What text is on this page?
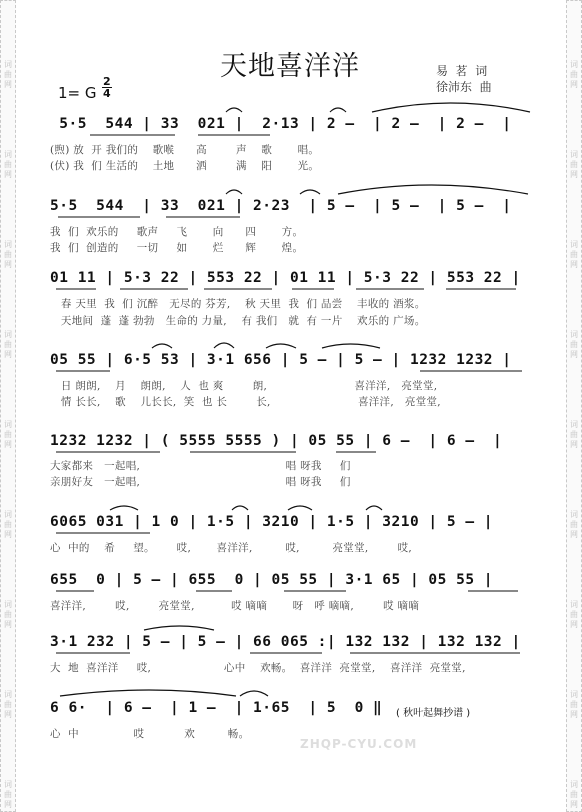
词
曲
网
词
曲
网
词
曲
网
词
曲
网
词
曲
网
词
曲
网
词
曲
网
词
曲
网
词
曲
网
词
曲
网
词
曲
网
词
曲
网
词
曲
网
词
曲
网
词
曲
网
词
曲
网
词
曲
网
词
曲
网
天地喜洋洋	易  茗  词
徐沛东  曲
1= G
2
4
5·5  544 | 33  021 |  2·13 | 2 –  | 2 –  | 2 –  |
(煦) 放  开 我们的    歌喉      高        声    歌       唱。
(伏) 我  们 生活的    土地      洒        满    阳       光。
5·5  544  | 33  021 | 2·23  | 5 –  | 5 –  | 5 –  |
我  们  欢乐的     歌声     飞       向      四       方。
我  们  创造的     一切     如       烂      辉       煌。
01 11 | 5·3 22 | 553 22 | 01 11 | 5·3 22 | 553 22 |
春 天里  我  们 沉醉   无尽的 芬芳,    秋 天里  我  们 品尝    丰收的 酒浆。
天地间  蓬  蓬 勃勃   生命的 力量,    有 我们   就  有 一片    欢乐的 广场。
05 55 | 6·5 53 | 3·1 656 | 5 – | 5 – | 1232 1232 |
日 朗朗,    月    朗朗,    人  也 爽        朗,                        喜洋洋,   亮堂堂,
情 长长,    歌    儿长长,  笑  也 长        长,                        喜洋洋,   亮堂堂,
1232 1232 | ( 5555 5555 ) | 05 55 | 6 –  | 6 –  |
大家都来   一起唱,                                        唱 呀我     们
亲朋好友   一起唱,                                        唱 呀我     们
6065 031 | 1 0 | 1·5 | 3210 | 1·5 | 3210 | 5 – |
心  中的    希     望。      哎,       喜洋洋,         哎,         亮堂堂,        哎,
655  0 | 5 – | 655  0 | 05 55 | 3·1 65 | 05 55 |
喜洋洋,        哎,        亮堂堂,          哎 嘀嘀       呀   呼 嘀嘀,        哎 嘀嘀
3·1 232 | 5 – | 5 – | 66 065 :| 132 132 | 132 132 |
大  地  喜洋洋     哎,                    心中    欢畅。  喜洋洋  亮堂堂,    喜洋洋  亮堂堂,
6 6·  | 6 –  | 1 –  | 1·65  | 5  0 ‖
心  中               哎           欢         畅。
( 秋叶起舞抄谱 )
ZHQP-CYU.COM
